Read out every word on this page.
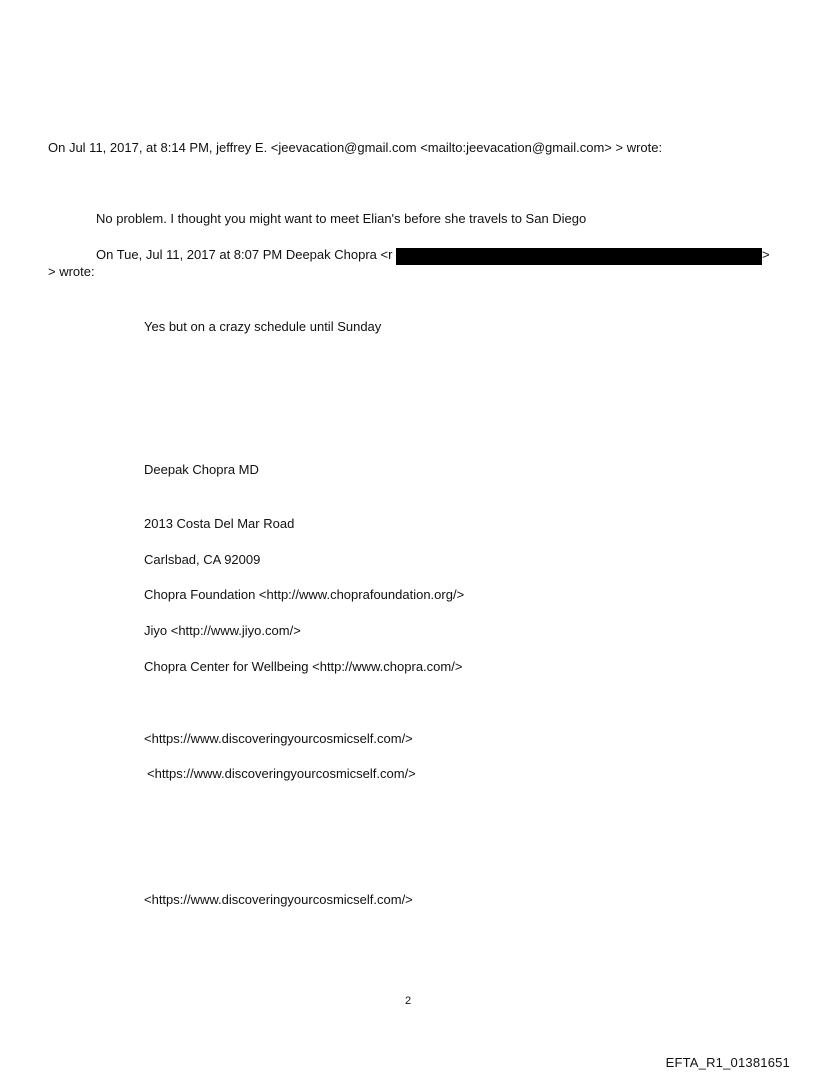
On Jul 11, 2017, at 8:14 PM, jeffrey E. <jeevacation@gmail.com <mailto:jeevacation@gmail.com> > wrote:
No problem. I thought you might want to meet Elian's before she travels to San Diego
On Tue, Jul 11, 2017 at 8:07 PM Deepak Chopra <r	>
> wrote:
Yes but on a crazy schedule until Sunday
Deepak Chopra MD
2013 Costa Del Mar Road
Carlsbad, CA 92009
Chopra Foundation <http://www.choprafoundation.org/>
Jiyo <http://www.jiyo.com/>
Chopra Center for Wellbeing <http://www.chopra.com/>
<https://www.discoveringyourcosmicself.com/>
<https://www.discoveringyourcosmicself.com/>
<https://www.discoveringyourcosmicself.com/>
2
EFTA_R1_01381651
